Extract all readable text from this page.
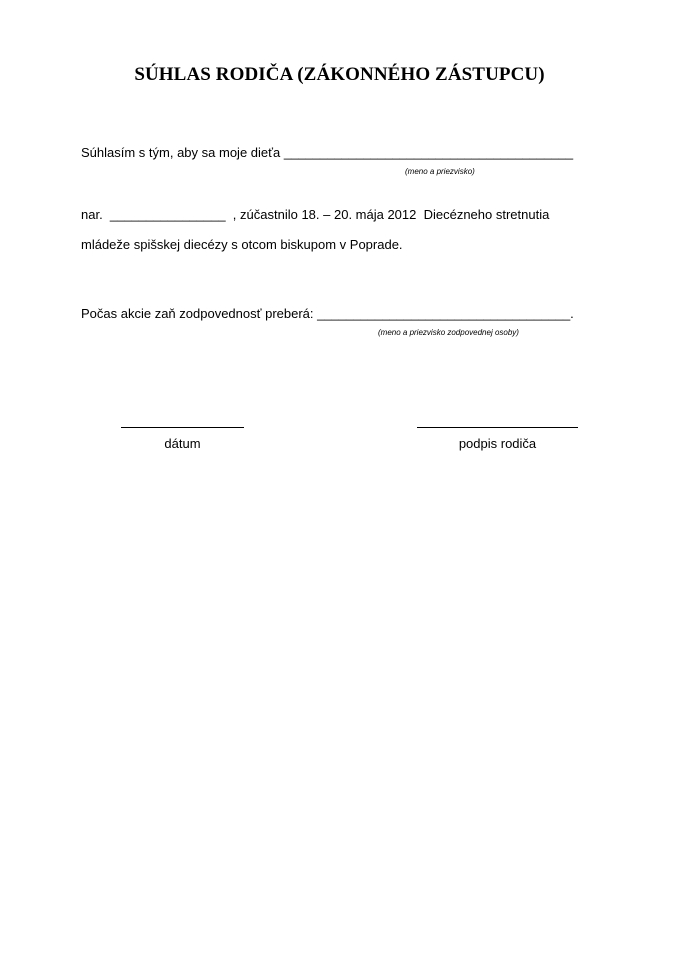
SÚHLAS RODIČA (ZÁKONNÉHO ZÁSTUPCU)
Súhlasím s tým, aby sa moje dieťa ________________________________________
(meno a priezvisko)
nar.  ________________  , zúčastnilo 18. – 20. mája 2012  Diecézneho stretnutia
mládeže spišskej diecézy s otcom biskupom v Poprade.
Počas akcie zaň zodpovednosť preberá: ___________________________________.
(meno a priezvisko zodpovednej osoby)
dátum	podpis rodiča
